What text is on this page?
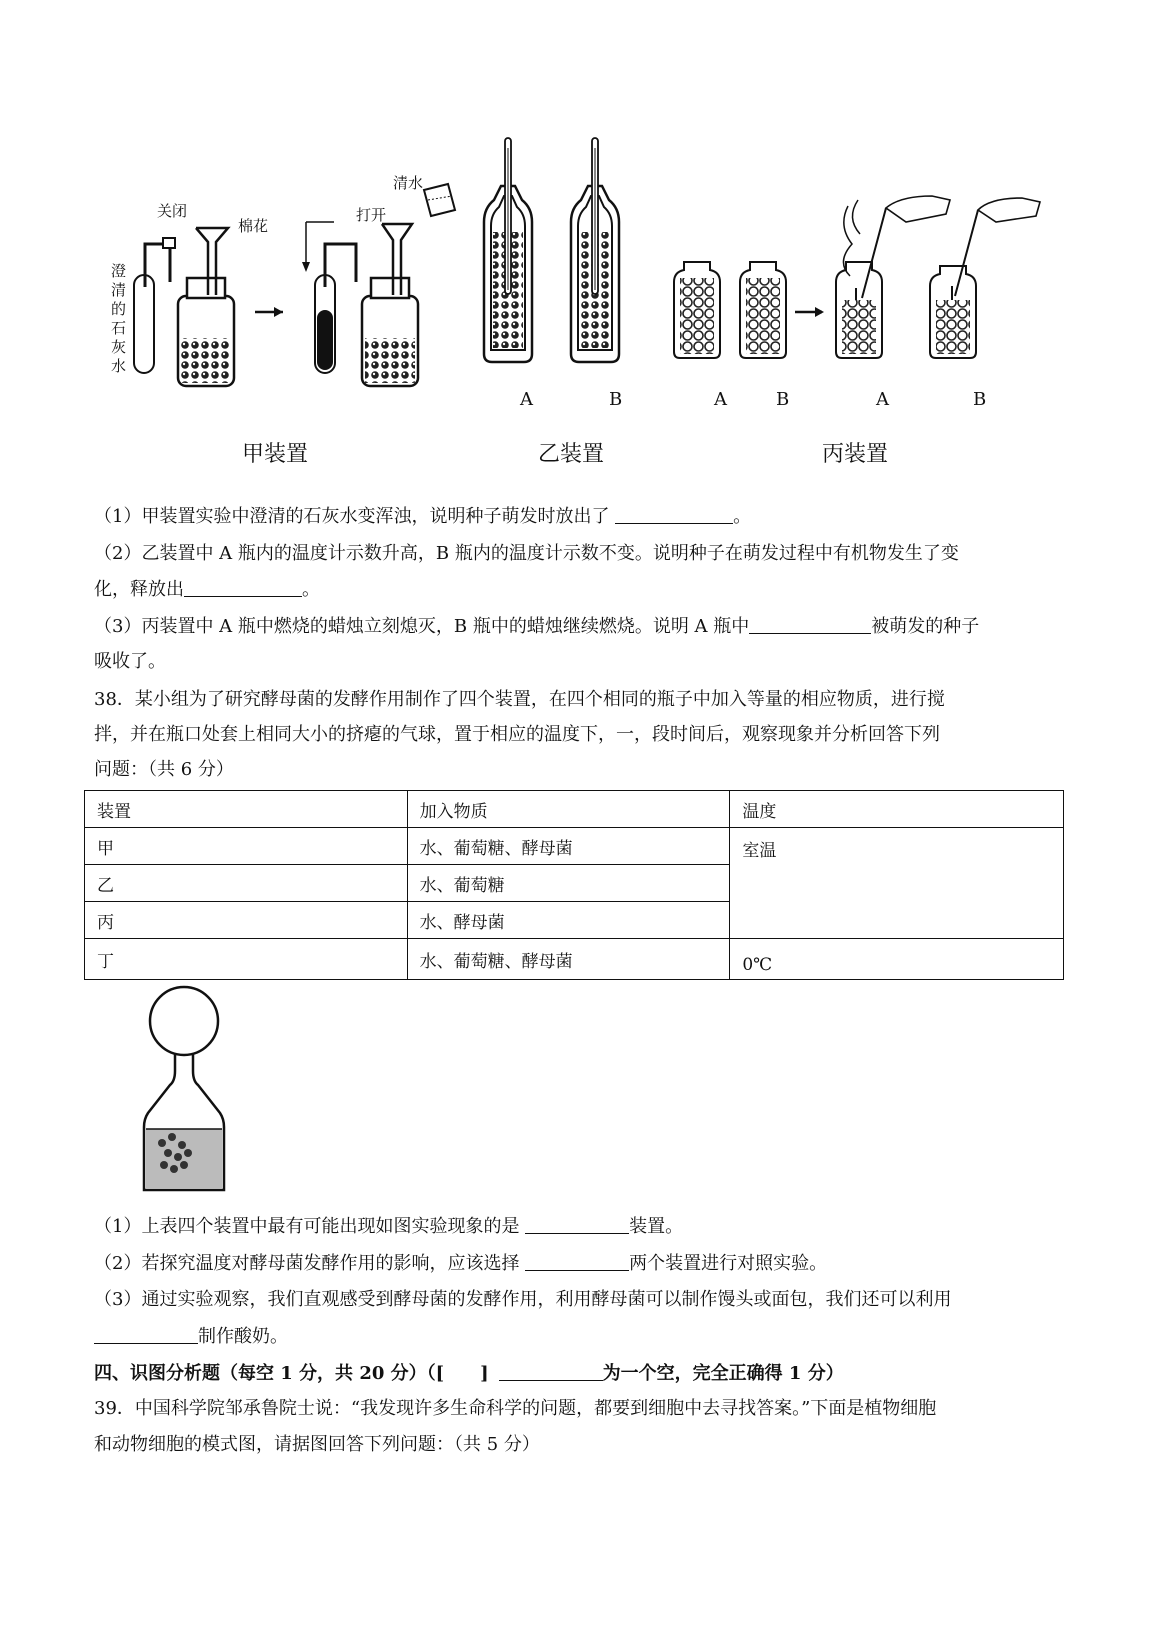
关闭
棉花
打开
清水
澄清的石灰水
A	B	A	B	A	B
甲装置	乙装置	丙装置
（1）甲装置实验中澄清的石灰水变浑浊，说明种子萌发时放出了	。
（2）乙装置中 A 瓶内的温度计示数升高，B 瓶内的温度计示数不变。说明种子在萌发过程中有机物发生了变
化，释放出	。
（3）丙装置中 A 瓶中燃烧的蜡烛立刻熄灭，B 瓶中的蜡烛继续燃烧。说明 A 瓶中	被萌发的种子
吸收了。
38．某小组为了研究酵母菌的发酵作用制作了四个装置，在四个相同的瓶子中加入等量的相应物质，进行搅
拌，并在瓶口处套上相同大小的挤瘪的气球，置于相应的温度下，一，段时间后，观察现象并分析回答下列
问题：（共 6 分）
装置	加入物质	温度
甲	水、葡萄糖、酵母菌	室温
乙	水、葡萄糖	
丙	水、酵母菌	
丁	水、葡萄糖、酵母菌	0℃
（1）上表四个装置中最有可能出现如图实验现象的是	装置。
（2）若探究温度对酵母菌发酵作用的影响，应该选择	两个装置进行对照实验。
（3）通过实验观察，我们直观感受到酵母菌的发酵作用，利用酵母菌可以制作馒头或面包，我们还可以利用
制作酸奶。
四、识图分析题（每空 1 分，共 20 分）（[　　]	为一个空，完全正确得 1 分）
39．中国科学院邹承鲁院士说：“我发现许多生命科学的问题，都要到细胞中去寻找答案。”下面是植物细胞
和动物细胞的模式图，请据图回答下列问题：（共 5 分）
